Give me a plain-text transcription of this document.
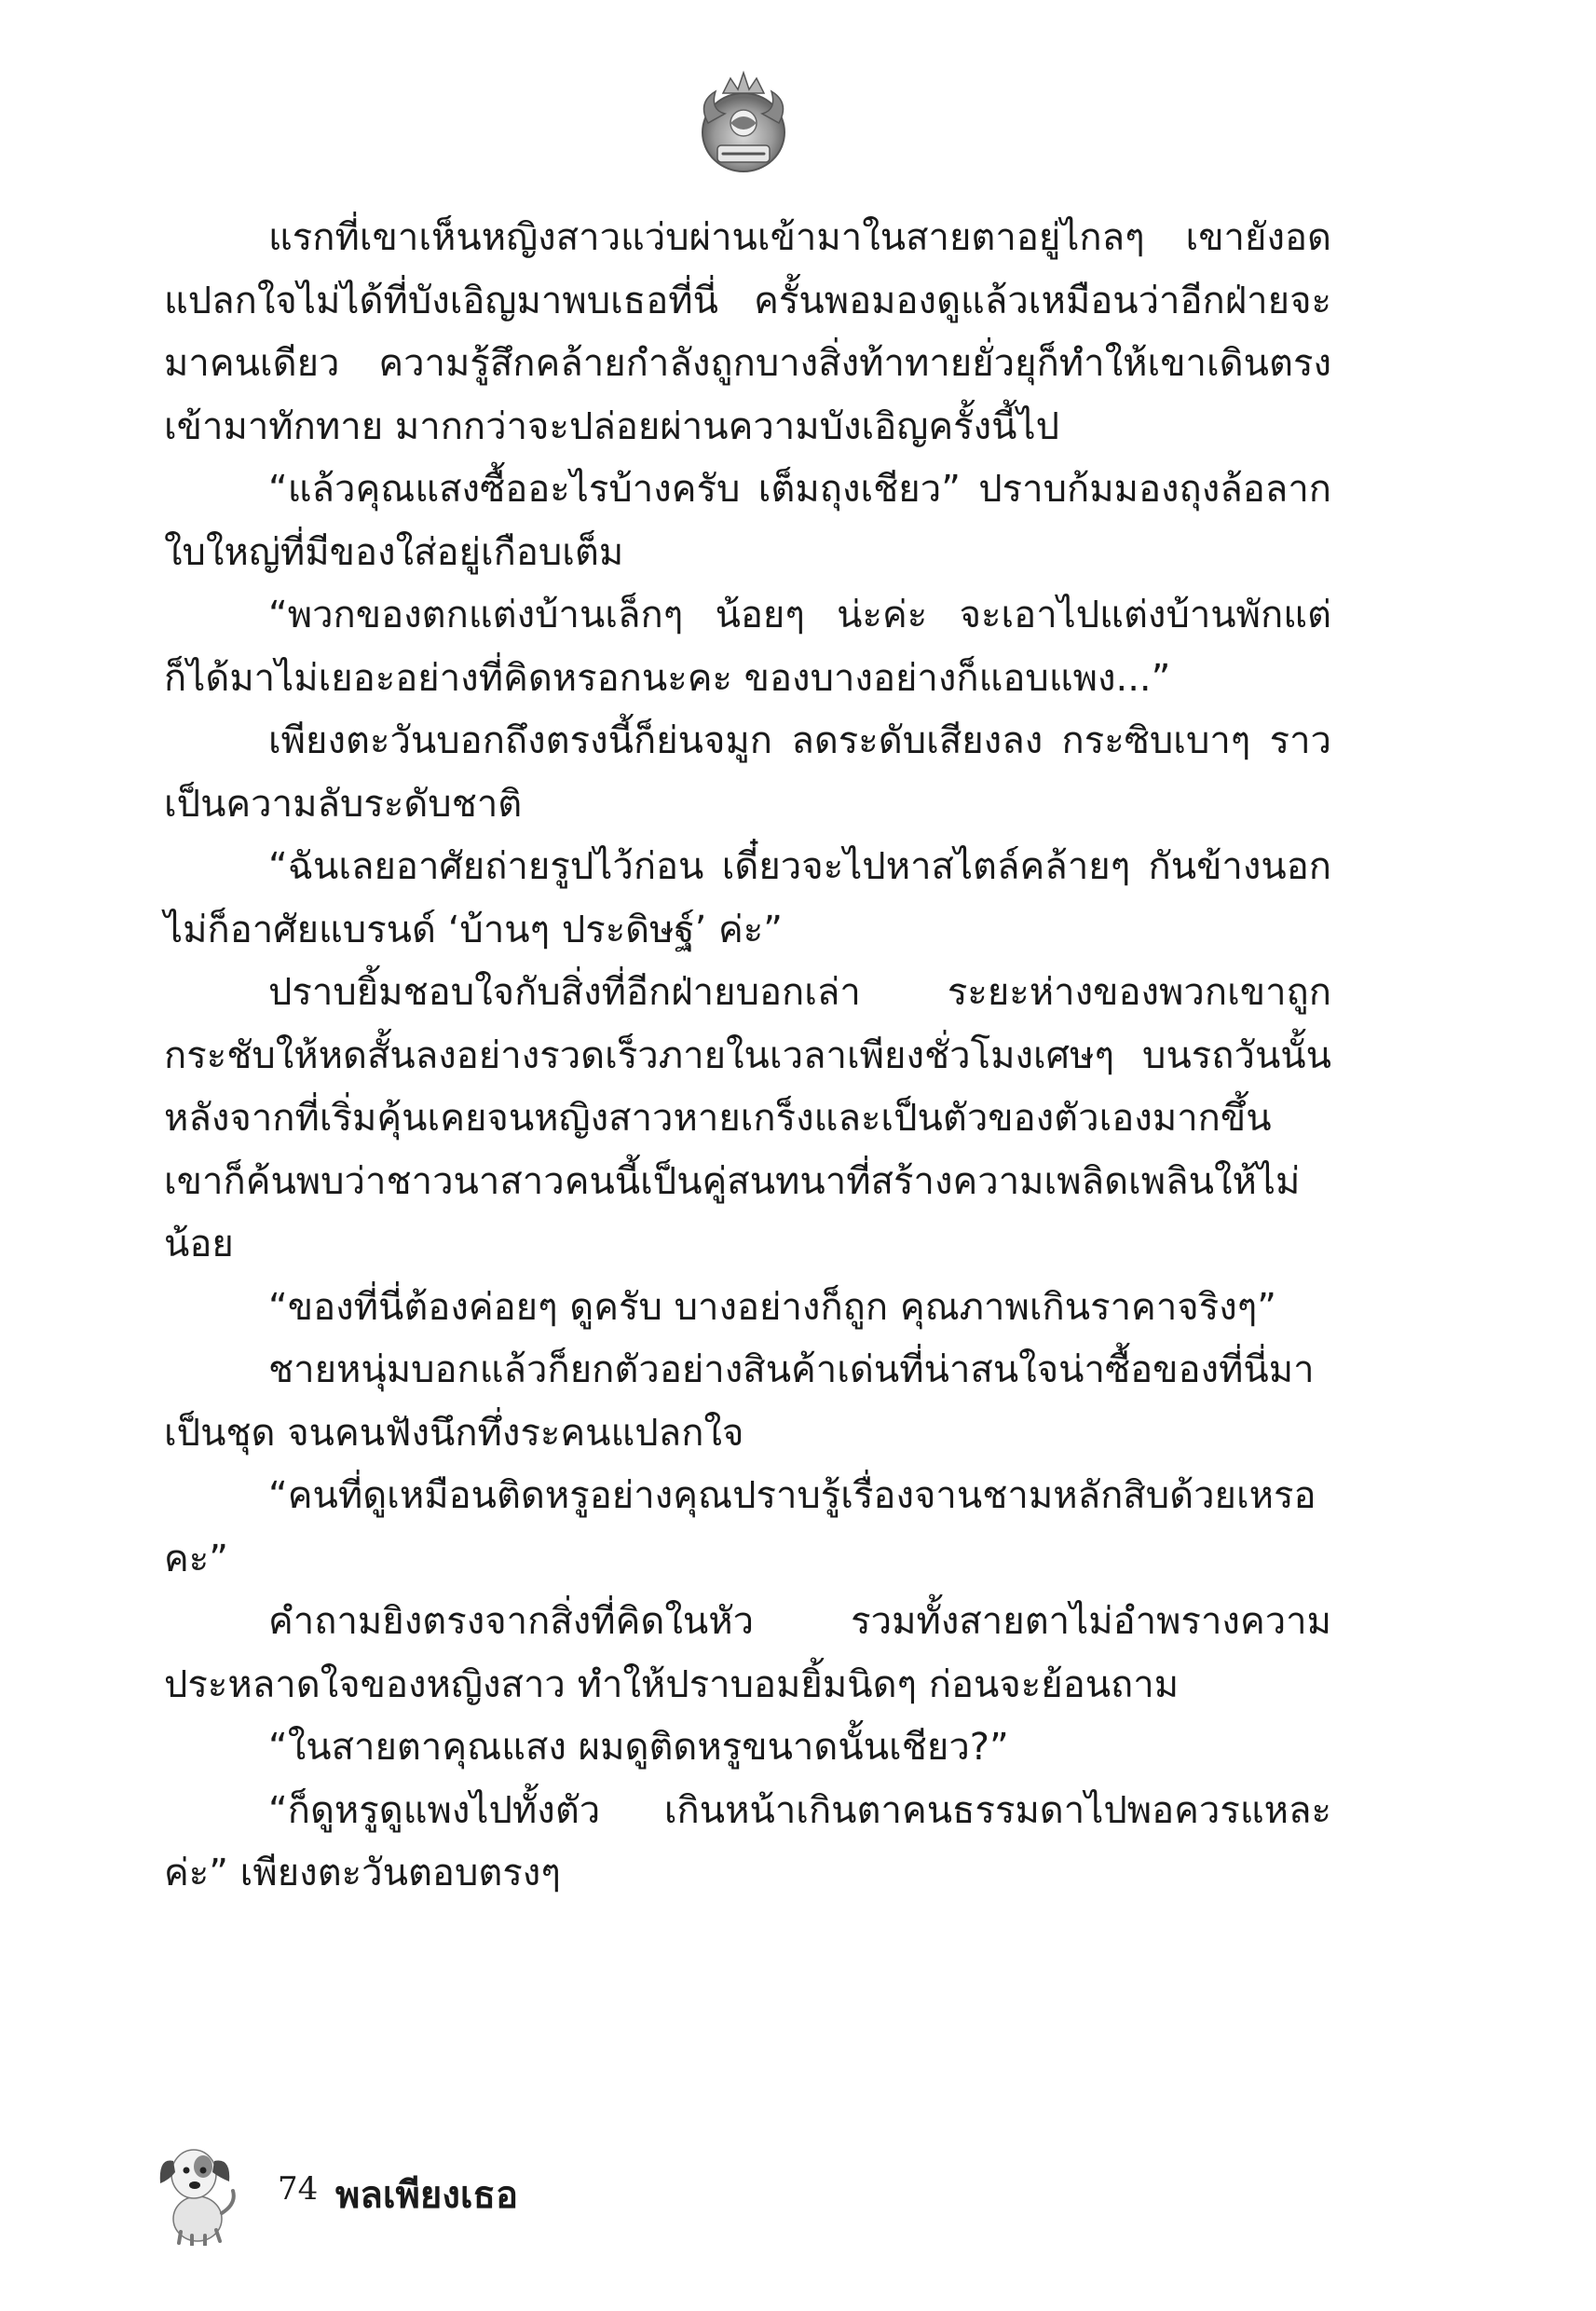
แรกที่เขาเห็นหญิงสาวแว่บผ่านเข้ามาในสายตาอยู่ไกลๆ เขายังอดแปลกใจไม่ได้ที่บังเอิญมาพบเธอที่นี่ ครั้นพอมองดูแล้วเหมือนว่าอีกฝ่ายจะมาคนเดียว ความรู้สึกคล้ายกำลังถูกบางสิ่งท้าทายยั่วยุก็ทำให้เขาเดินตรงเข้ามาทักทาย มากกว่าจะปล่อยผ่านความบังเอิญครั้งนี้ไป

“แล้วคุณแสงซื้ออะไรบ้างครับ เต็มถุงเชียว” ปราบก้มมองถุงล้อลากใบใหญ่ที่มีของใส่อยู่เกือบเต็ม

“พวกของตกแต่งบ้านเล็กๆ น้อยๆ น่ะค่ะ จะเอาไปแต่งบ้านพักแต่ก็ได้มาไม่เยอะอย่างที่คิดหรอกนะคะ ของบางอย่างก็แอบแพง...”

เพียงตะวันบอกถึงตรงนี้ก็ย่นจมูก ลดระดับเสียงลง กระซิบเบาๆ ราวเป็นความลับระดับชาติ

“ฉันเลยอาศัยถ่ายรูปไว้ก่อน เดี๋ยวจะไปหาสไตล์คล้ายๆ กันข้างนอก ไม่ก็อาศัยแบรนด์ ‘บ้านๆ ประดิษฐ์’ ค่ะ”

ปราบยิ้มชอบใจกับสิ่งที่อีกฝ่ายบอกเล่า ระยะห่างของพวกเขาถูกกระชับให้หดสั้นลงอย่างรวดเร็วภายในเวลาเพียงชั่วโมงเศษๆ บนรถวันนั้น หลังจากที่เริ่มคุ้นเคยจนหญิงสาวหายเกร็งและเป็นตัวของตัวเองมากขึ้น เขาก็ค้นพบว่าชาวนาสาวคนนี้เป็นคู่สนทนาที่สร้างความเพลิดเพลินให้ไม่น้อย

“ของที่นี่ต้องค่อยๆ ดูครับ บางอย่างก็ถูก คุณภาพเกินราคาจริงๆ”

ชายหนุ่มบอกแล้วก็ยกตัวอย่างสินค้าเด่นที่น่าสนใจน่าซื้อของที่นี่มาเป็นชุด จนคนฟังนึกทึ่งระคนแปลกใจ

“คนที่ดูเหมือนติดหรูอย่างคุณปราบรู้เรื่องจานชามหลักสิบด้วยเหรอคะ”

คำถามยิงตรงจากสิ่งที่คิดในหัว รวมทั้งสายตาไม่อำพรางความประหลาดใจของหญิงสาว ทำให้ปราบอมยิ้มนิดๆ ก่อนจะย้อนถาม

“ในสายตาคุณแสง ผมดูติดหรูขนาดนั้นเชียว?”

“ก็ดูหรูดูแพงไปทั้งตัว เกินหน้าเกินตาคนธรรมดาไปพอควรแหละค่ะ” เพียงตะวันตอบตรงๆ

74 พลเพียงเธอ
